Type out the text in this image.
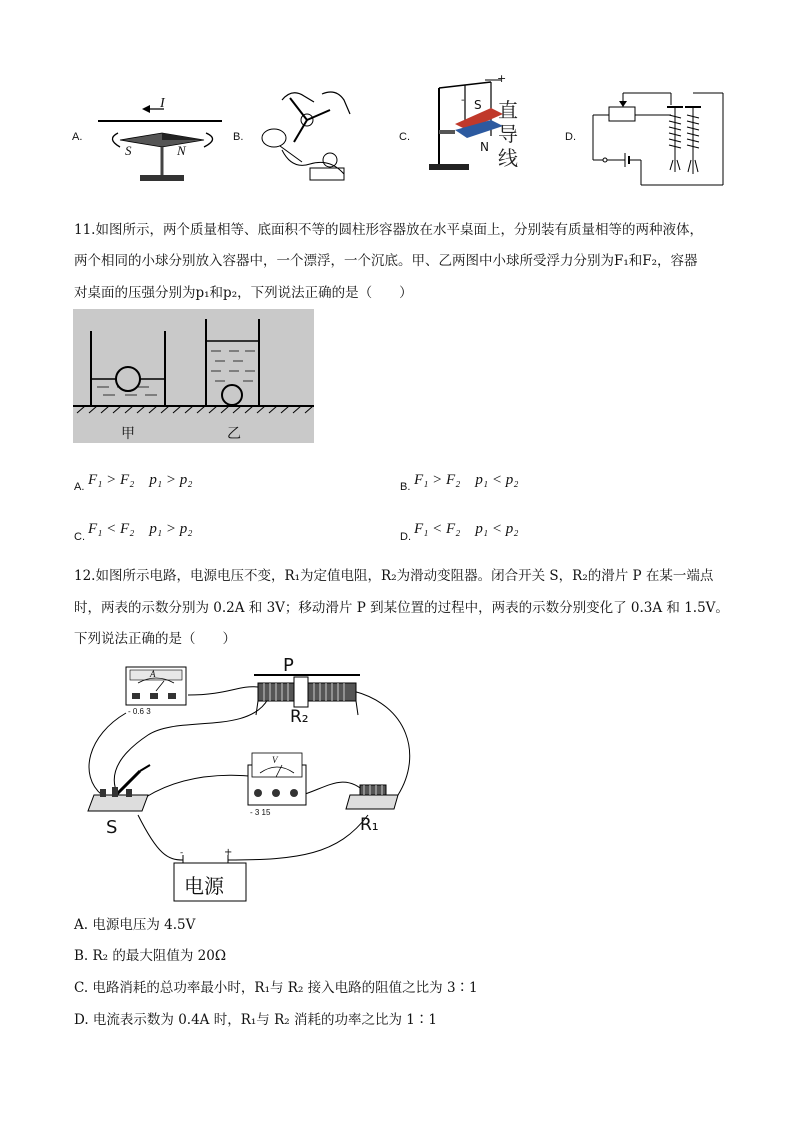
A.
I
S	N
B.	C.
+
- S
N
直
导
线
D.
11.如图所示，两个质量相等、底面积不等的圆柱形容器放在水平桌面上，分别装有质量相等的两种液体，
两个相同的小球分别放入容器中，一个漂浮，一个沉底。甲、乙两图中小球所受浮力分别为F₁和F₂，容器
对桌面的压强分别为p₁和p₂，下列说法正确的是（　　）
甲	乙
A. F₁ > F₂　p₁ > p₂	B. F₁ > F₂　p₁ < p₂
C. F₁ < F₂　p₁ > p₂	D. F₁ < F₂　p₁ < p₂
12.如图所示电路，电源电压不变，R₁为定值电阻，R₂为滑动变阻器。闭合开关 S，R₂的滑片 P 在某一端点
时，两表的示数分别为 0.2A 和 3V；移动滑片 P 到某位置的过程中，两表的示数分别变化了 0.3A 和 1.5V。
下列说法正确的是（　　）
A
- 0.6 3
V
- 3 15
P
R₂
R₁
S
-	+
电源
A. 电源电压为 4.5V
B. R₂ 的最大阻值为 20Ω
C. 电路消耗的总功率最小时，R₁与 R₂ 接入电路的阻值之比为 3∶1
D. 电流表示数为 0.4A 时，R₁与 R₂ 消耗的功率之比为 1∶1
